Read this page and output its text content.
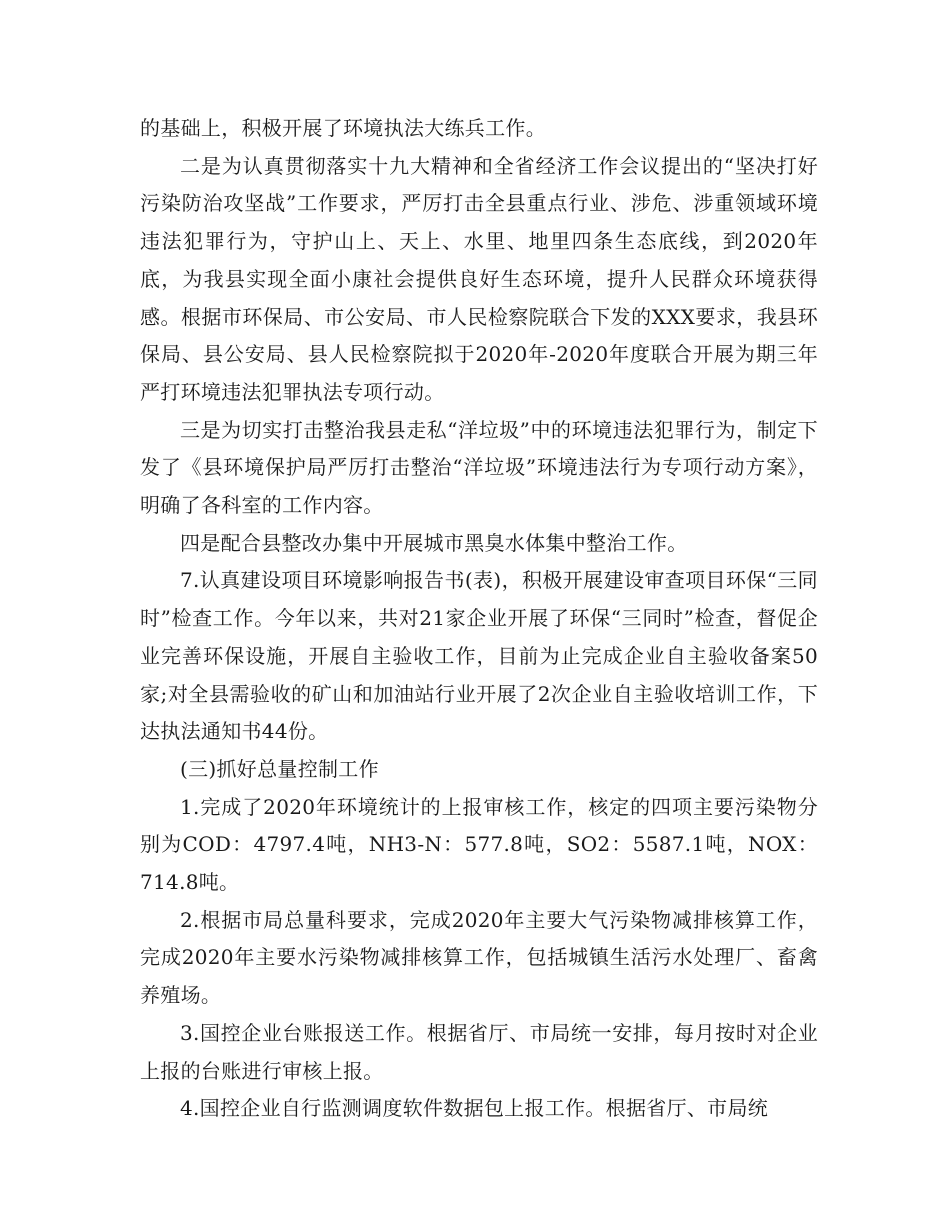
的基础上，积极开展了环境执法大练兵工作。

二是为认真贯彻落实十九大精神和全省经济工作会议提出的“坚决打好污染防治攻坚战”工作要求，严厉打击全县重点行业、涉危、涉重领域环境违法犯罪行为，守护山上、天上、水里、地里四条生态底线，到2020年底，为我县实现全面小康社会提供良好生态环境，提升人民群众环境获得感。根据市环保局、市公安局、市人民检察院联合下发的XXX要求，我县环保局、县公安局、县人民检察院拟于2020年-2020年度联合开展为期三年严打环境违法犯罪执法专项行动。

三是为切实打击整治我县走私“洋垃圾”中的环境违法犯罪行为，制定下发了《县环境保护局严厉打击整治“洋垃圾”环境违法行为专项行动方案》，明确了各科室的工作内容。

四是配合县整改办集中开展城市黑臭水体集中整治工作。

7.认真建设项目环境影响报告书(表)，积极开展建设审查项目环保“三同时”检查工作。今年以来，共对21家企业开展了环保“三同时”检查，督促企业完善环保设施，开展自主验收工作，目前为止完成企业自主验收备案50家;对全县需验收的矿山和加油站行业开展了2次企业自主验收培训工作，下达执法通知书44份。

(三)抓好总量控制工作

1.完成了2020年环境统计的上报审核工作，核定的四项主要污染物分别为COD：4797.4吨，NH3-N：577.8吨，SO2：5587.1吨，NOX：714.8吨。

2.根据市局总量科要求，完成2020年主要大气污染物减排核算工作，完成2020年主要水污染物减排核算工作，包括城镇生活污水处理厂、畜禽养殖场。

3.国控企业台账报送工作。根据省厅、市局统一安排，每月按时对企业上报的台账进行审核上报。

4.国控企业自行监测调度软件数据包上报工作。根据省厅、市局统
